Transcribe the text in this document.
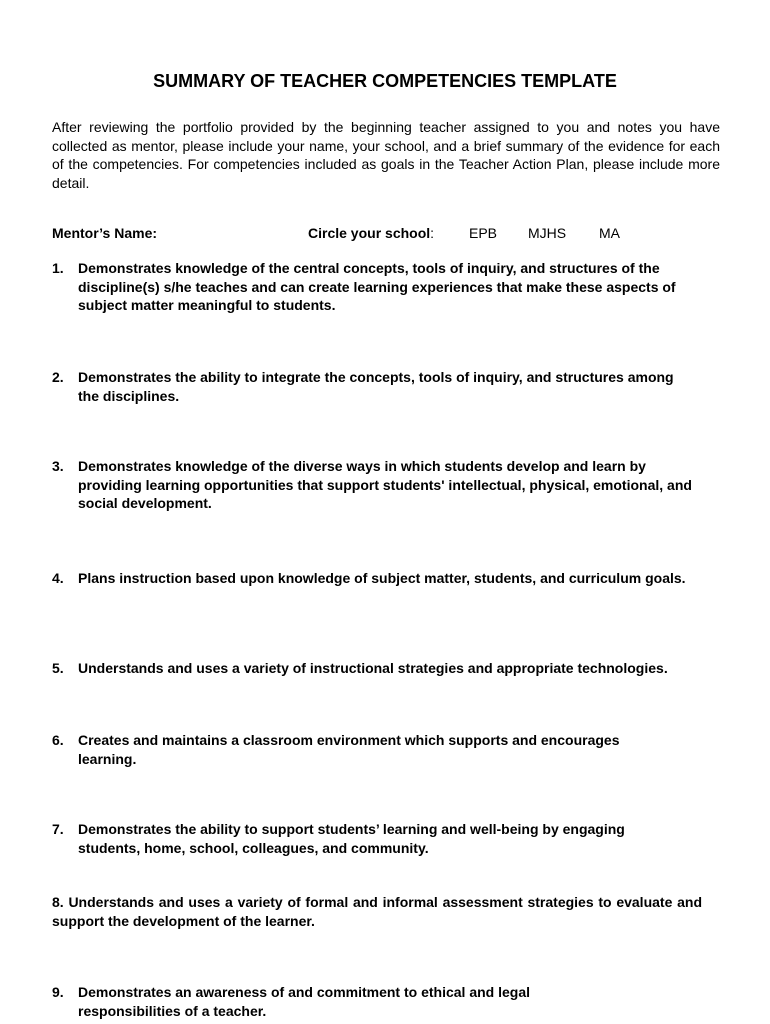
SUMMARY OF TEACHER COMPETENCIES TEMPLATE
After reviewing the portfolio provided by the beginning teacher assigned to you and notes you have collected as mentor, please include your name, your school, and a brief summary of the evidence for each of the competencies. For competencies included as goals in the Teacher Action Plan, please include more detail.
Mentor’s Name:	Circle your school: EPB MJHS MA
1.	Demonstrates knowledge of the central concepts, tools of inquiry, and structures of the discipline(s) s/he teaches and can create learning experiences that make these aspects of subject matter meaningful to students.
2.	Demonstrates the ability to integrate the concepts, tools of inquiry, and structures among the disciplines.
3.	Demonstrates knowledge of the diverse ways in which students develop and learn by providing learning opportunities that support students' intellectual, physical, emotional, and social development.
4.	Plans instruction based upon knowledge of subject matter, students, and curriculum goals.
5.	Understands and uses a variety of instructional strategies and appropriate technologies.
6.	Creates and maintains a classroom environment which supports and encourages learning.
7.	Demonstrates the ability to support students’ learning and well-being by engaging students, home, school, colleagues, and community.
8. Understands and uses a variety of formal and informal assessment strategies to evaluate and support the development of the learner.
9.	Demonstrates an awareness of and commitment to ethical and legal responsibilities of a teacher.
